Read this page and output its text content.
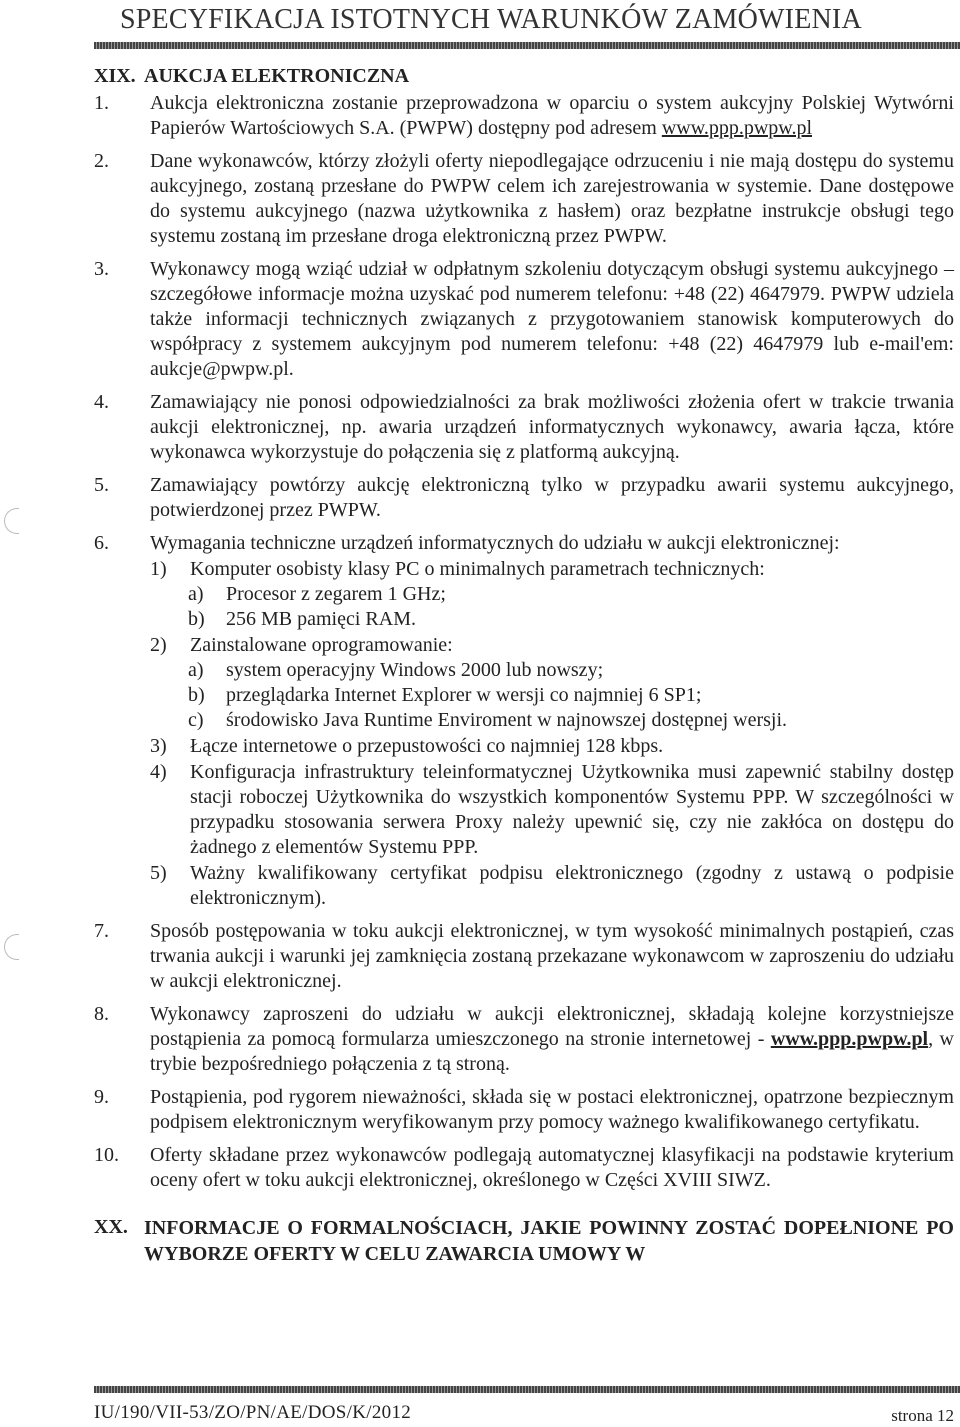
SPECYFIKACJA ISTOTNYCH WARUNKÓW ZAMÓWIENIA
XIX. AUKCJA ELEKTRONICZNA
1.	Aukcja elektroniczna zostanie przeprowadzona w oparciu o system aukcyjny Polskiej Wytwórni Papierów Wartościowych S.A. (PWPW) dostępny pod adresem www.ppp.pwpw.pl
2.	Dane wykonawców, którzy złożyli oferty niepodlegające odrzuceniu i nie mają dostępu do systemu aukcyjnego, zostaną przesłane do PWPW celem ich zarejestrowania w systemie. Dane dostępowe do systemu aukcyjnego (nazwa użytkownika z hasłem) oraz bezpłatne instrukcje obsługi tego systemu zostaną im przesłane droga elektroniczną przez PWPW.
3.	Wykonawcy mogą wziąć udział w odpłatnym szkoleniu dotyczącym obsługi systemu aukcyjnego – szczegółowe informacje można uzyskać pod numerem telefonu: +48 (22) 4647979. PWPW udziela także informacji technicznych związanych z przygotowaniem stanowisk komputerowych do współpracy z systemem aukcyjnym pod numerem telefonu: +48 (22) 4647979 lub e-mail'em: aukcje@pwpw.pl.
4.	Zamawiający nie ponosi odpowiedzialności za brak możliwości złożenia ofert w trakcie trwania aukcji elektronicznej, np. awaria urządzeń informatycznych wykonawcy, awaria łącza, które wykonawca wykorzystuje do połączenia się z platformą aukcyjną.
5.	Zamawiający powtórzy aukcję elektroniczną tylko w przypadku awarii systemu aukcyjnego, potwierdzonej przez PWPW.
6.	Wymagania techniczne urządzeń informatycznych do udziału w aukcji elektronicznej:
1)	Komputer osobisty klasy PC o minimalnych parametrach technicznych:
a)	Procesor z zegarem 1 GHz;
b)	256 MB pamięci RAM.
2)	Zainstalowane oprogramowanie:
a)	system operacyjny Windows 2000 lub nowszy;
b)	przeglądarka Internet Explorer w wersji co najmniej 6 SP1;
c)	środowisko Java Runtime Enviroment w najnowszej dostępnej wersji.
3)	Łącze internetowe o przepustowości co najmniej 128 kbps.
4)	Konfiguracja infrastruktury teleinformatycznej Użytkownika musi zapewnić stabilny dostęp stacji roboczej Użytkownika do wszystkich komponentów Systemu PPP. W szczególności w przypadku stosowania serwera Proxy należy upewnić się, czy nie zakłóca on dostępu do żadnego z elementów Systemu PPP.
5)	Ważny kwalifikowany certyfikat podpisu elektronicznego (zgodny z ustawą o podpisie elektronicznym).
7.	Sposób postępowania w toku aukcji elektronicznej, w tym wysokość minimalnych postąpień, czas trwania aukcji i warunki jej zamknięcia zostaną przekazane wykonawcom w zaproszeniu do udziału w aukcji elektronicznej.
8.	Wykonawcy zaproszeni do udziału w aukcji elektronicznej, składają kolejne korzystniejsze postąpienia za pomocą formularza umieszczonego na stronie internetowej - www.ppp.pwpw.pl, w trybie bezpośredniego połączenia z tą stroną.
9.	Postąpienia, pod rygorem nieważności, składa się w postaci elektronicznej, opatrzone bezpiecznym podpisem elektronicznym weryfikowanym przy pomocy ważnego kwalifikowanego certyfikatu.
10.	Oferty składane przez wykonawców podlegają automatycznej klasyfikacji na podstawie kryterium oceny ofert w toku aukcji elektronicznej, określonego w Części XVIII SIWZ.
XX. INFORMACJE O FORMALNOŚCIACH, JAKIE POWINNY ZOSTAĆ DOPEŁNIONE PO WYBORZE OFERTY W CELU ZAWARCIA UMOWY W
IU/190/VII-53/ZO/PN/AE/DOS/K/2012	strona 12
